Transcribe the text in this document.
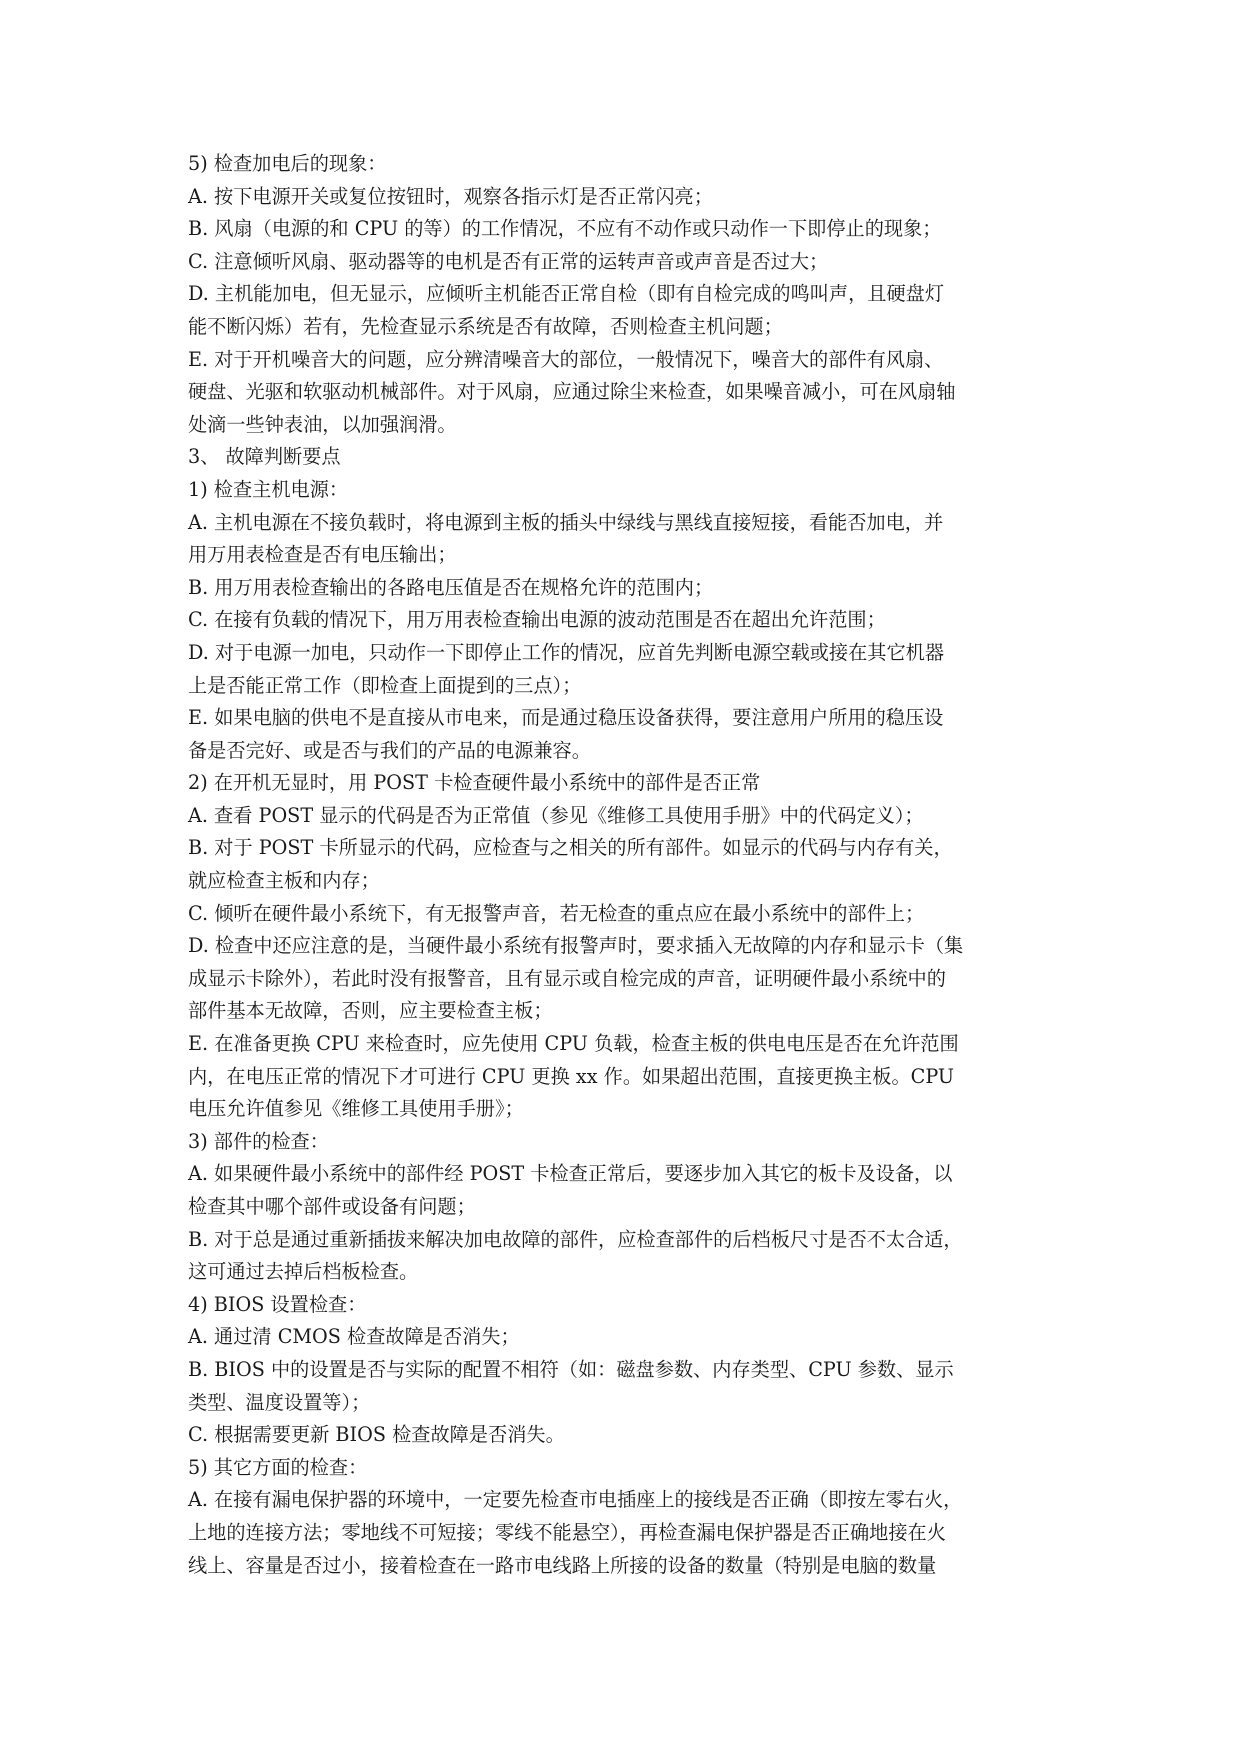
5) 检查加电后的现象：
A. 按下电源开关或复位按钮时，观察各指示灯是否正常闪亮；
B. 风扇（电源的和 CPU 的等）的工作情况，不应有不动作或只动作一下即停止的现象；
C. 注意倾听风扇、驱动器等的电机是否有正常的运转声音或声音是否过大；
D. 主机能加电，但无显示，应倾听主机能否正常自检（即有自检完成的鸣叫声，且硬盘灯
能不断闪烁）若有，先检查显示系统是否有故障，否则检查主机问题；
E. 对于开机噪音大的问题，应分辨清噪音大的部位，一般情况下，噪音大的部件有风扇、
硬盘、光驱和软驱动机械部件。对于风扇，应通过除尘来检查，如果噪音减小，可在风扇轴
处滴一些钟表油，以加强润滑。
3、 故障判断要点
1) 检查主机电源：
A. 主机电源在不接负载时，将电源到主板的插头中绿线与黑线直接短接，看能否加电，并
用万用表检查是否有电压输出；
B. 用万用表检查输出的各路电压值是否在规格允许的范围内；
C. 在接有负载的情况下，用万用表检查输出电源的波动范围是否在超出允许范围；
D. 对于电源一加电，只动作一下即停止工作的情况，应首先判断电源空载或接在其它机器
上是否能正常工作（即检查上面提到的三点）；
E. 如果电脑的供电不是直接从市电来，而是通过稳压设备获得，要注意用户所用的稳压设
备是否完好、或是否与我们的产品的电源兼容。
2) 在开机无显时，用 POST 卡检查硬件最小系统中的部件是否正常
A. 查看 POST 显示的代码是否为正常值（参见《维修工具使用手册》中的代码定义）；
B. 对于 POST 卡所显示的代码，应检查与之相关的所有部件。如显示的代码与内存有关，
就应检查主板和内存；
C. 倾听在硬件最小系统下，有无报警声音，若无检查的重点应在最小系统中的部件上；
D. 检查中还应注意的是，当硬件最小系统有报警声时，要求插入无故障的内存和显示卡（集
成显示卡除外），若此时没有报警音，且有显示或自检完成的声音，证明硬件最小系统中的
部件基本无故障，否则，应主要检查主板；
E. 在准备更换 CPU 来检查时，应先使用 CPU 负载，检查主板的供电电压是否在允许范围
内，在电压正常的情况下才可进行 CPU 更换 xx 作。如果超出范围，直接更换主板。CPU
电压允许值参见《维修工具使用手册》；
3) 部件的检查：
A. 如果硬件最小系统中的部件经 POST 卡检查正常后，要逐步加入其它的板卡及设备，以
检查其中哪个部件或设备有问题；
B. 对于总是通过重新插拔来解决加电故障的部件，应检查部件的后档板尺寸是否不太合适，
这可通过去掉后档板检查。
4) BIOS 设置检查：
A. 通过清 CMOS 检查故障是否消失；
B. BIOS 中的设置是否与实际的配置不相符（如：磁盘参数、内存类型、CPU 参数、显示
类型、温度设置等）；
C. 根据需要更新 BIOS 检查故障是否消失。
5) 其它方面的检查：
A. 在接有漏电保护器的环境中，一定要先检查市电插座上的接线是否正确（即按左零右火，
上地的连接方法；零地线不可短接；零线不能悬空），再检查漏电保护器是否正确地接在火
线上、容量是否过小，接着检查在一路市电线路上所接的设备的数量（特别是电脑的数量
